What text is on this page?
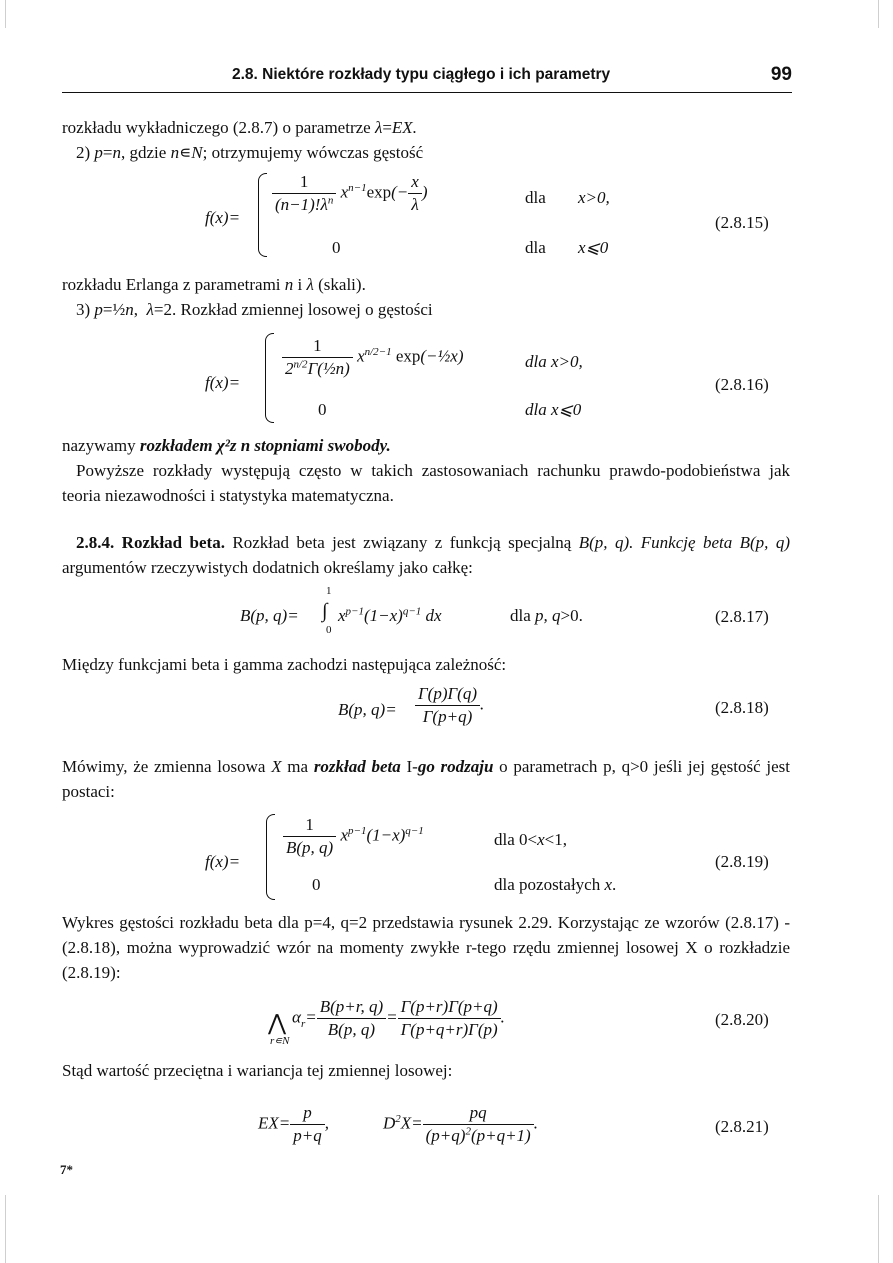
2.8. Niektóre rozkłady typu ciągłego i ich parametry	99
rozkładu wykładniczego (2.8.7) o parametrze λ=EX.
2) p=n, gdzie n∊N; otrzymujemy wówczas gęstość
f(x)=
$\frac{1}{(n-1)!\lambda^n} x^{n-1}\exp(- \frac{x}{\lambda}$ )	dla x>0,
0	dla x⩽0
(2.8.15)
rozkładu Erlanga z parametrami n i λ (skali).
3) p=½n,  λ=2. Rozkład zmiennej losowej o gęstości
f(x)=
$\frac{1}{2^{n/2}\Gamma(\frac{1}{2}n)} x^{n/2-1}$ exp(−½x)	dla x>0,
0	dla x⩽0
(2.8.16)
nazywamy rozkładem χ²z n stopniami swobody.
Powyższe rozkłady występują często w takich zastosowaniach rachunku prawdo-podobieństwa jak teoria niezawodności i statystyka matematyczna.
2.8.4. Rozkład beta. Rozkład beta jest związany z funkcją specjalną B(p, q). Funkcję beta B(p, q) argumentów rzeczywistych dodatnich określamy jako całkę:
B(p, q)=
1
∫
0
$x^{p-1}(1-x)^{q-1}$ dx	dla p, q>0.	(2.8.17)
Między funkcjami beta i gamma zachodzi następująca zależność:
B(p, $q)= \frac{\Gamma(p)\Gamma(q)}{\Gamma(p+q)}$ .	(2.8.18)
Mówimy, że zmienna losowa X ma rozkład beta I-go rodzaju o parametrach p, q>0 jeśli jej gęstość jest postaci:
f(x)=
$\frac{1}{B(p, q)} x^{p-1}(1-x)^{q-1}$	dla 0<x<1,
0	dla pozostałych x.
(2.8.19)
Wykres gęstości rozkładu beta dla p=4, q=2 przedstawia rysunek 2.29. Korzystając ze wzorów (2.8.17) - (2.8.18), można wyprowadzić wzór na momenty zwykłe r-tego rzędu zmiennej losowej X o rozkładzie (2.8.19):
⋀
r∊N
$\alpha_r= \frac{B(p+r, q)}{B(p, q)} = \frac{\Gamma(p+r)\Gamma(p+q)}{\Gamma(p+q+r)\Gamma(p)}$ .	(2.8.20)
Stąd wartość przeciętna i wariancja tej zmiennej losowej:
$EX= \frac{p}{p+q}$ ,	$D^2X= \frac{pq}{(p+q)^2(p+q+1)}$ .	(2.8.21)
7*
